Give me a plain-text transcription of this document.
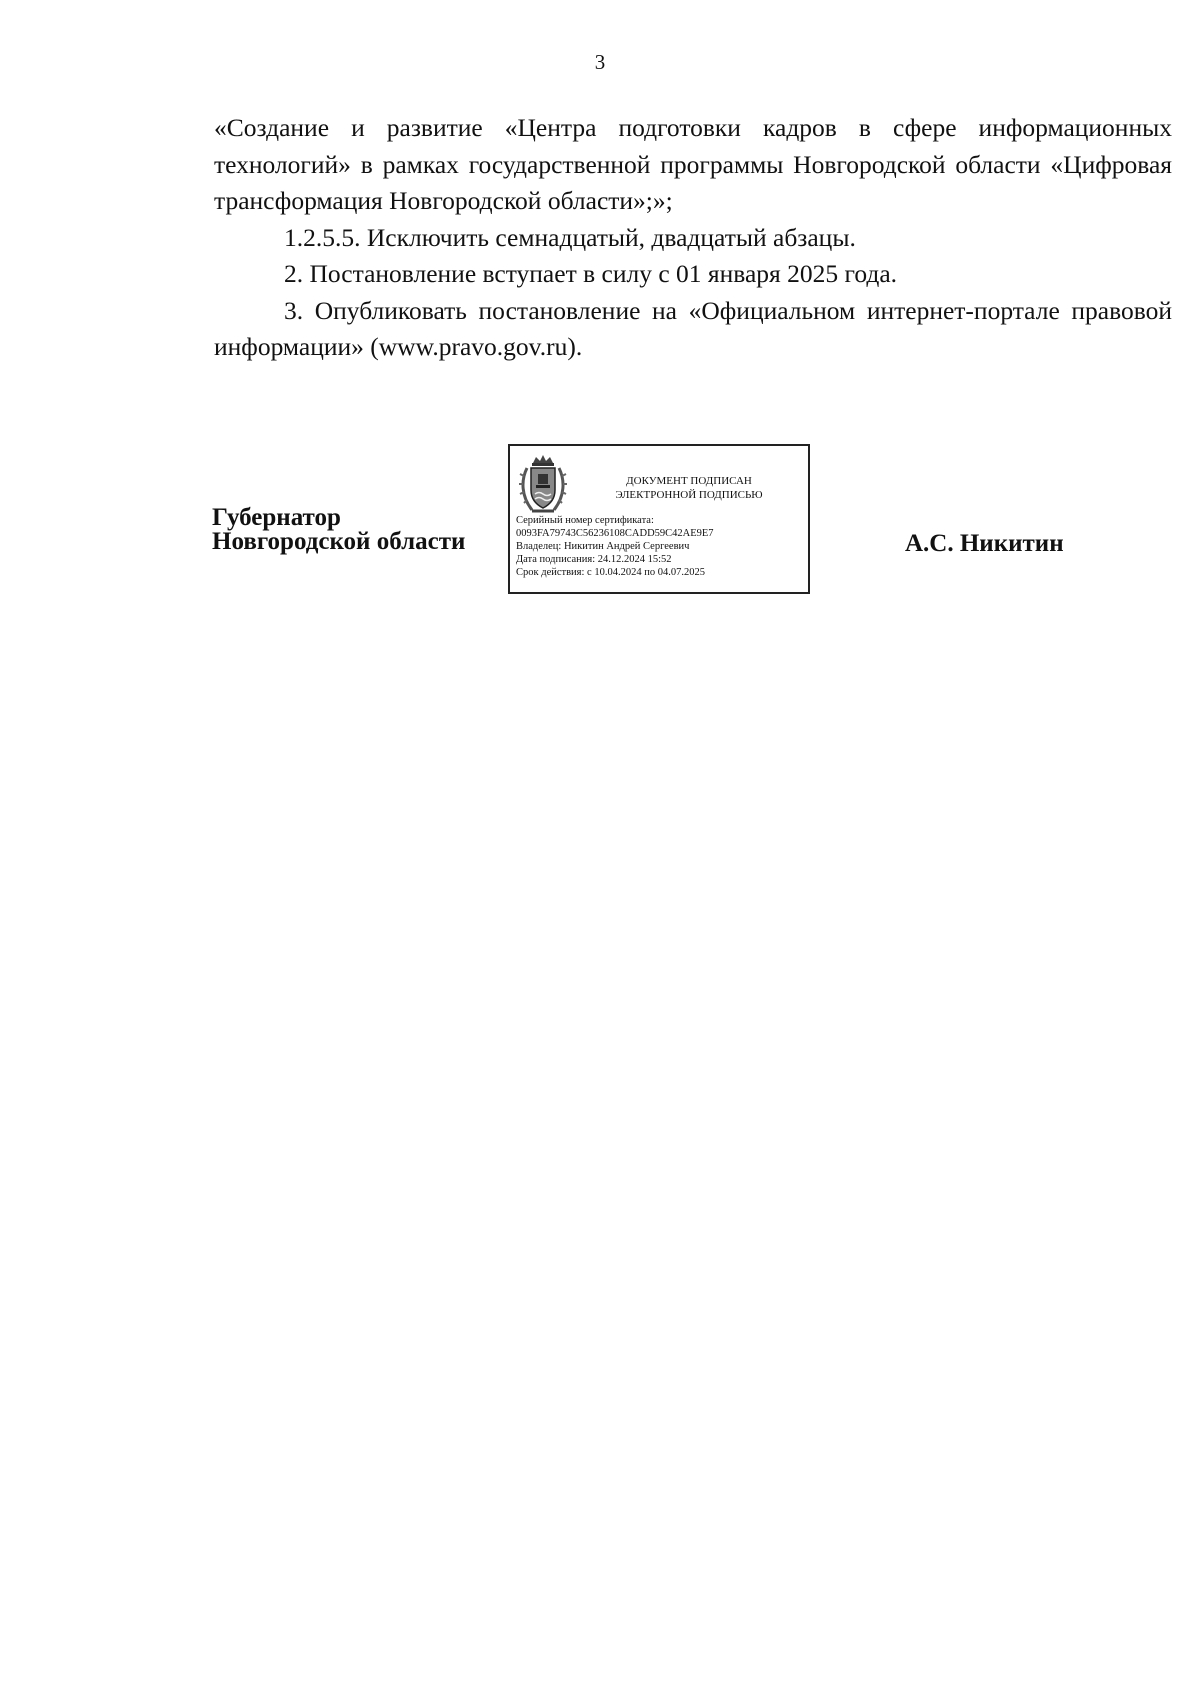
3

«Создание и развитие «Центра подготовки кадров в сфере информационных технологий» в рамках государственной программы Новгородской области «Цифровая трансформация Новгородской области»;»;

1.2.5.5. Исключить семнадцатый, двадцатый абзацы.

2. Постановление вступает в силу с 01 января 2025 года.

3. Опубликовать постановление на «Официальном интернет-портале правовой информации» (www.pravo.gov.ru).

Губернатор
Новгородской области
ДОКУМЕНТ ПОДПИСАН
ЭЛЕКТРОННОЙ ПОДПИСЬЮ
Серийный номер сертификата:
0093FA79743C56236108CADD59C42AE9E7
Владелец: Никитин Андрей Сергеевич
Дата подписания: 24.12.2024 15:52
Срок действия: с 10.04.2024 по 04.07.2025
А.С. Никитин
